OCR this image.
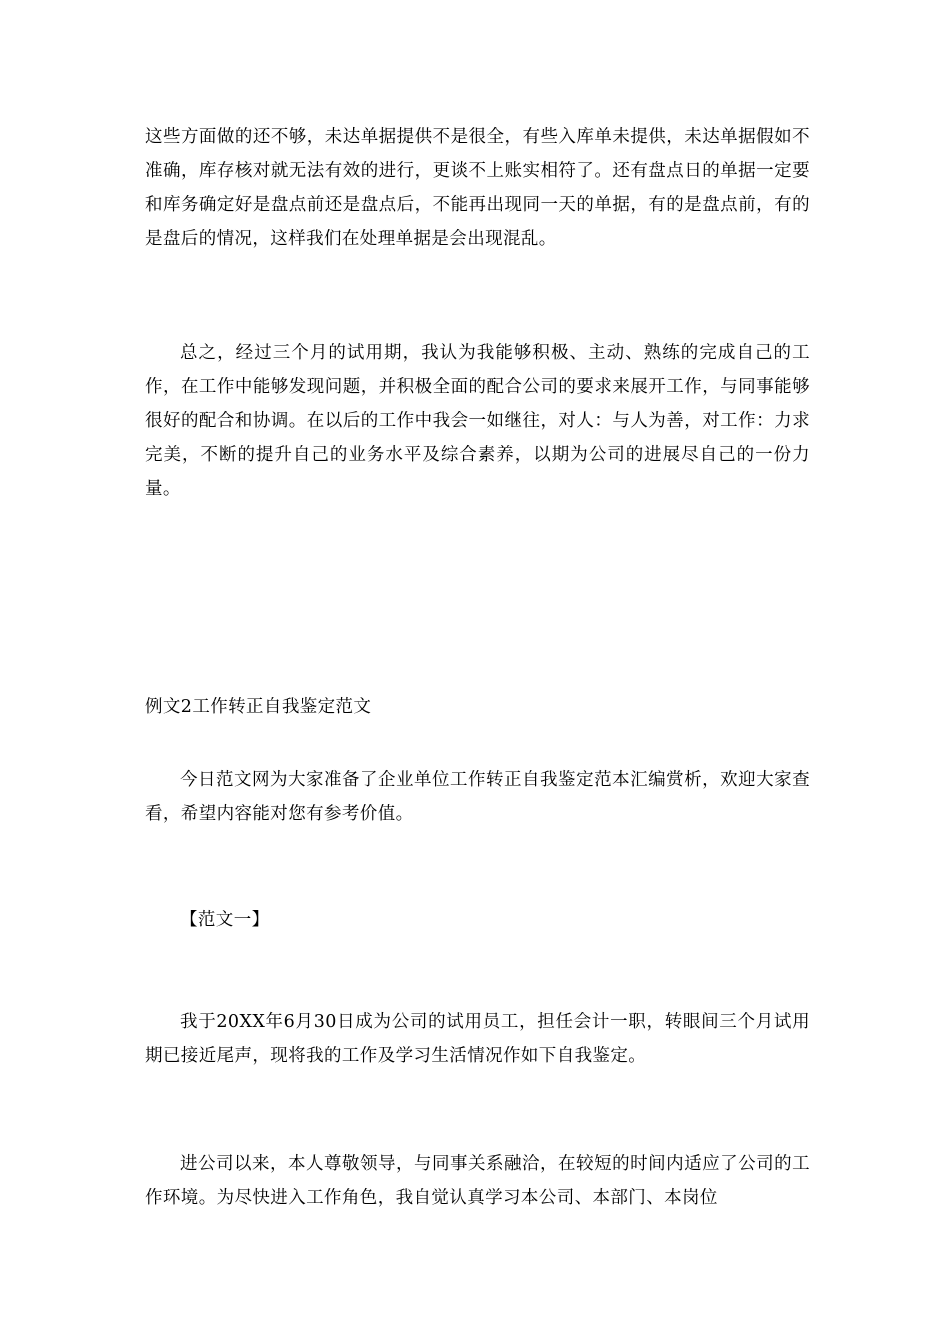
这些方面做的还不够，未达单据提供不是很全，有些入库单未提供，未达单据假如不准确，库存核对就无法有效的进行，更谈不上账实相符了。还有盘点日的单据一定要和库务确定好是盘点前还是盘点后，不能再出现同一天的单据，有的是盘点前，有的是盘后的情况，这样我们在处理单据是会出现混乱。

总之，经过三个月的试用期，我认为我能够积极、主动、熟练的完成自己的工作，在工作中能够发现问题，并积极全面的配合公司的要求来展开工作，与同事能够很好的配合和协调。在以后的工作中我会一如继往，对人：与人为善，对工作：力求完美，不断的提升自己的业务水平及综合素养，以期为公司的进展尽自己的一份力量。

例文2工作转正自我鉴定范文

今日范文网为大家准备了企业单位工作转正自我鉴定范本汇编赏析，欢迎大家查看，希望内容能对您有参考价值。

【范文一】

我于20XX年6月30日成为公司的试用员工，担任会计一职，转眼间三个月试用期已接近尾声，现将我的工作及学习生活情况作如下自我鉴定。

进公司以来，本人尊敬领导，与同事关系融洽，在较短的时间内适应了公司的工作环境。为尽快进入工作角色，我自觉认真学习本公司、本部门、本岗位
